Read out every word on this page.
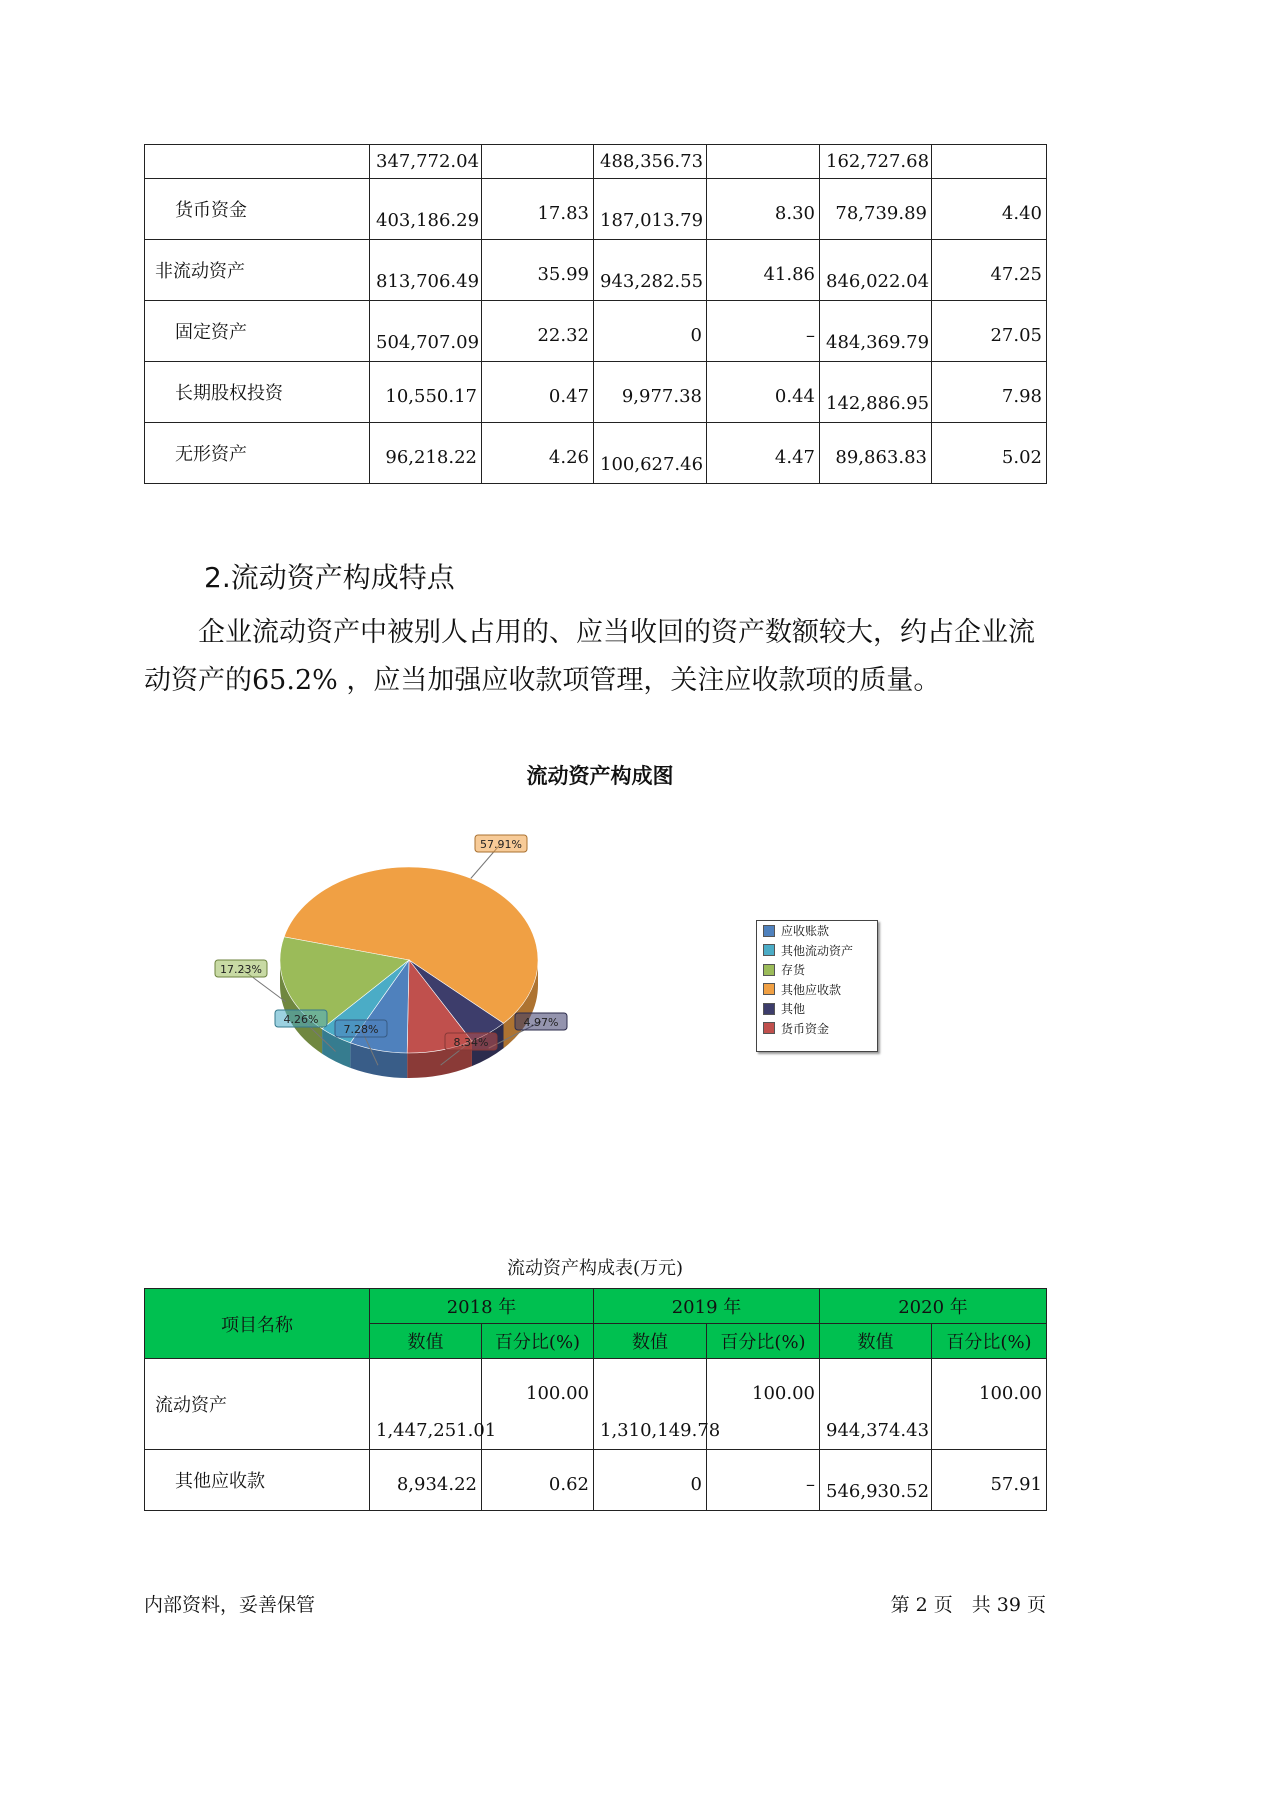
	347,772.04		488,356.73		162,727.68	
货币资金	403,186.29	17.83	187,013.79	8.30	78,739.89	4.40

非流动资产	813,706.49	35.99	943,282.55	41.86	846,022.04	47.25

固定资产	504,707.09	22.32	0	–	484,369.79	27.05

长期股权投资	10,550.17	0.47	9,977.38	0.44	142,886.95	7.98

无形资产	96,218.22	4.26	100,627.46	4.47	89,863.83	5.02
2.流动资产构成特点

企业流动资产中被别人占用的、应当收回的资产数额较大，约占企业流动资产的65.2% ，应当加强应收款项管理，关注应收款项的质量。

流动资产构成图
57.91%
4.97%
8.34%
7.28%
4.26%
17.23%
应收账款
其他流动资产
存货
其他应收款
其他
货币资金
流动资产构成表(万元)
项目名称	2018 年		2019 年		2020 年	
	数值	百分比(%)	数值	百分比(%)	数值	百分比(%)
流动资产	1,447,251.01	100.00	1,310,149.78	100.00	944,374.43	100.00

其他应收款	8,934.22	0.62	0	–	546,930.52	57.91
内部资料，妥善保管	第 2 页　共 39 页
